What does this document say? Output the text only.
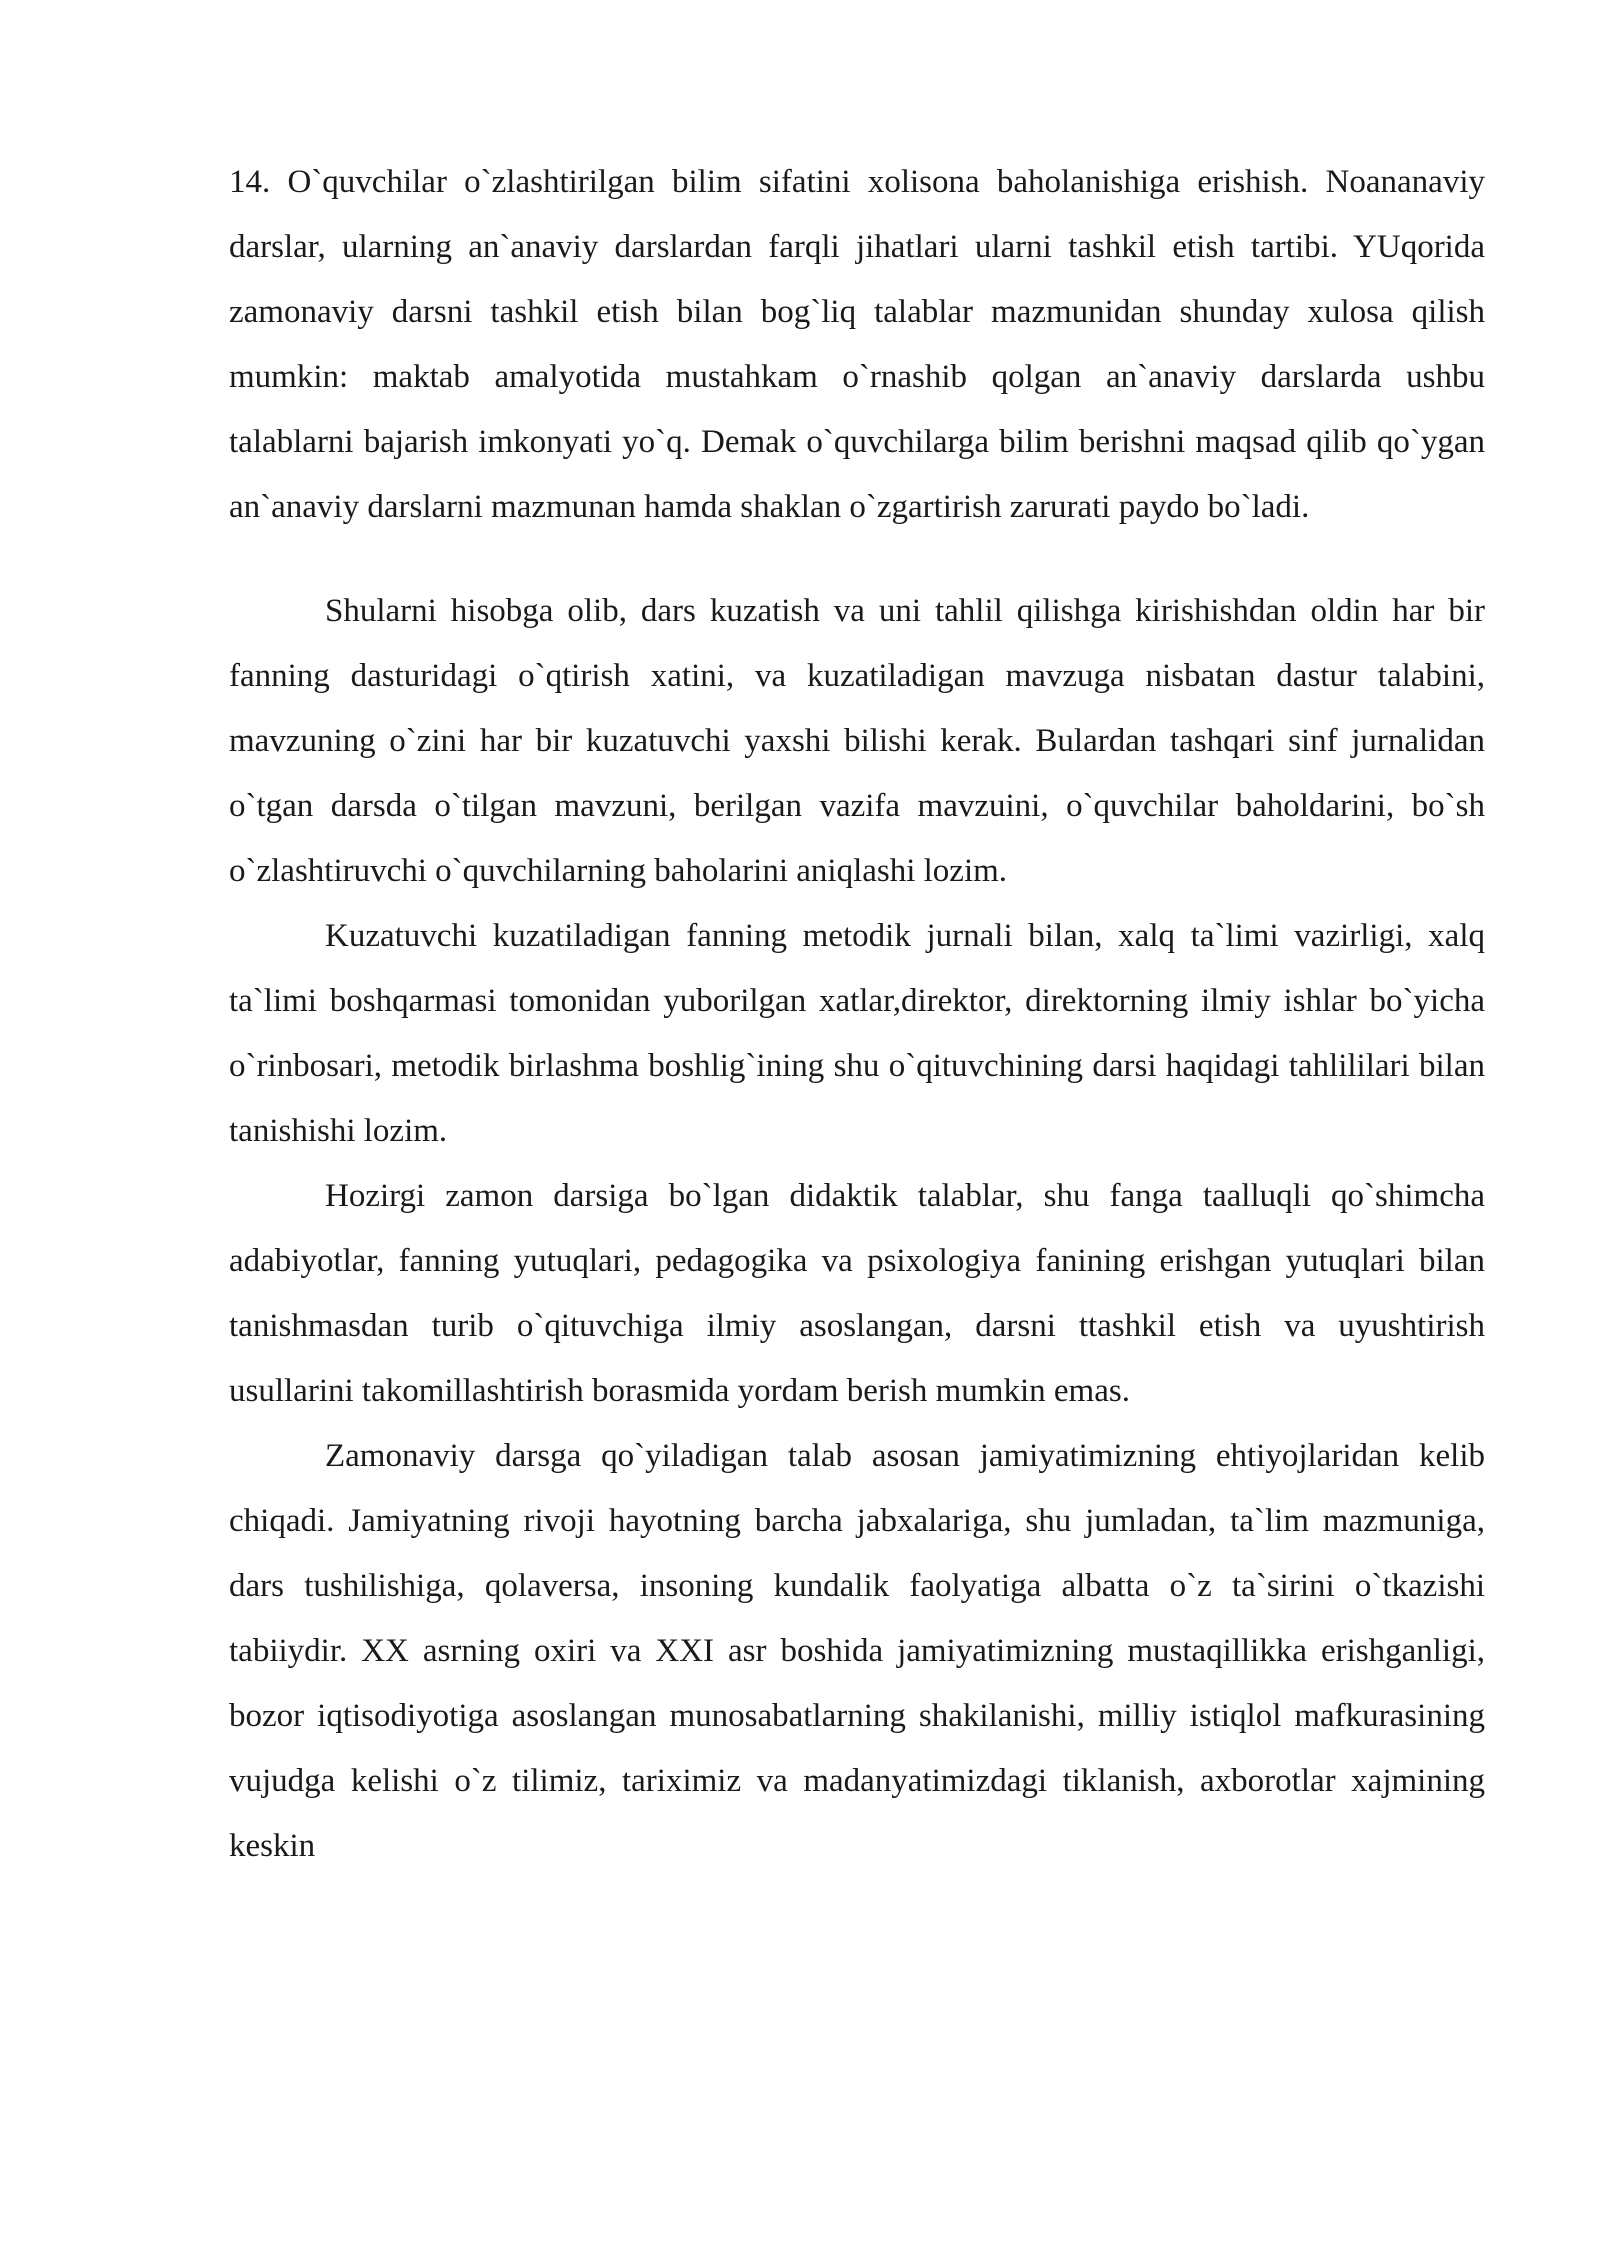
14. O`quvchilar o`zlashtirilgan bilim sifatini xolisona baholanishiga erishish. Noananaviy darslar, ularning an`anaviy darslardan farqli jihatlari ularni tashkil etish tartibi. YUqorida zamonaviy darsni tashkil etish bilan bog`liq talablar mazmunidan shunday xulosa qilish mumkin: maktab amalyotida mustahkam o`rnashib qolgan an`anaviy darslarda ushbu talablarni bajarish imkonyati yo`q. Demak o`quvchilarga bilim berishni maqsad qilib qo`ygan an`anaviy darslarni mazmunan hamda shaklan o`zgartirish zarurati paydo bo`ladi.

Shularni hisobga olib, dars kuzatish va uni tahlil qilishga kirishishdan oldin har bir fanning dasturidagi o`qtirish xatini, va kuzatiladigan mavzuga nisbatan dastur talabini, mavzuning o`zini har bir kuzatuvchi yaxshi bilishi kerak. Bulardan tashqari sinf jurnalidan o`tgan darsda o`tilgan mavzuni, berilgan vazifa mavzuini, o`quvchilar baholdarini, bo`sh o`zlashtiruvchi o`quvchilarning baholarini aniqlashi lozim.

Kuzatuvchi kuzatiladigan fanning metodik jurnali bilan, xalq ta`limi vazirligi, xalq ta`limi boshqarmasi tomonidan yuborilgan xatlar,direktor, direktorning ilmiy ishlar bo`yicha o`rinbosari, metodik birlashma boshlig`ining shu o`qituvchining darsi haqidagi tahlililari bilan tanishishi lozim.

Hozirgi zamon darsiga bo`lgan didaktik talablar, shu fanga taalluqli qo`shimcha adabiyotlar, fanning yutuqlari, pedagogika va psixologiya fanining erishgan yutuqlari bilan tanishmasdan turib o`qituvchiga ilmiy asoslangan, darsni ttashkil etish va uyushtirish usullarini takomillashtirish borasmida yordam berish mumkin emas.

Zamonaviy darsga qo`yiladigan talab asosan jamiyatimizning ehtiyojlaridan kelib chiqadi. Jamiyatning rivoji hayotning barcha jabxalariga, shu jumladan, ta`lim mazmuniga, dars tushilishiga, qolaversa, insoning kundalik faolyatiga albatta o`z ta`sirini o`tkazishi tabiiydir. XX asrning oxiri va XXI asr boshida jamiyatimizning mustaqillikka erishganligi, bozor iqtisodiyotiga asoslangan munosabatlarning shakilanishi, milliy istiqlol mafkurasining vujudga kelishi o`z tilimiz, tariximiz va madanyatimizdagi tiklanish, axborotlar xajmining keskin
